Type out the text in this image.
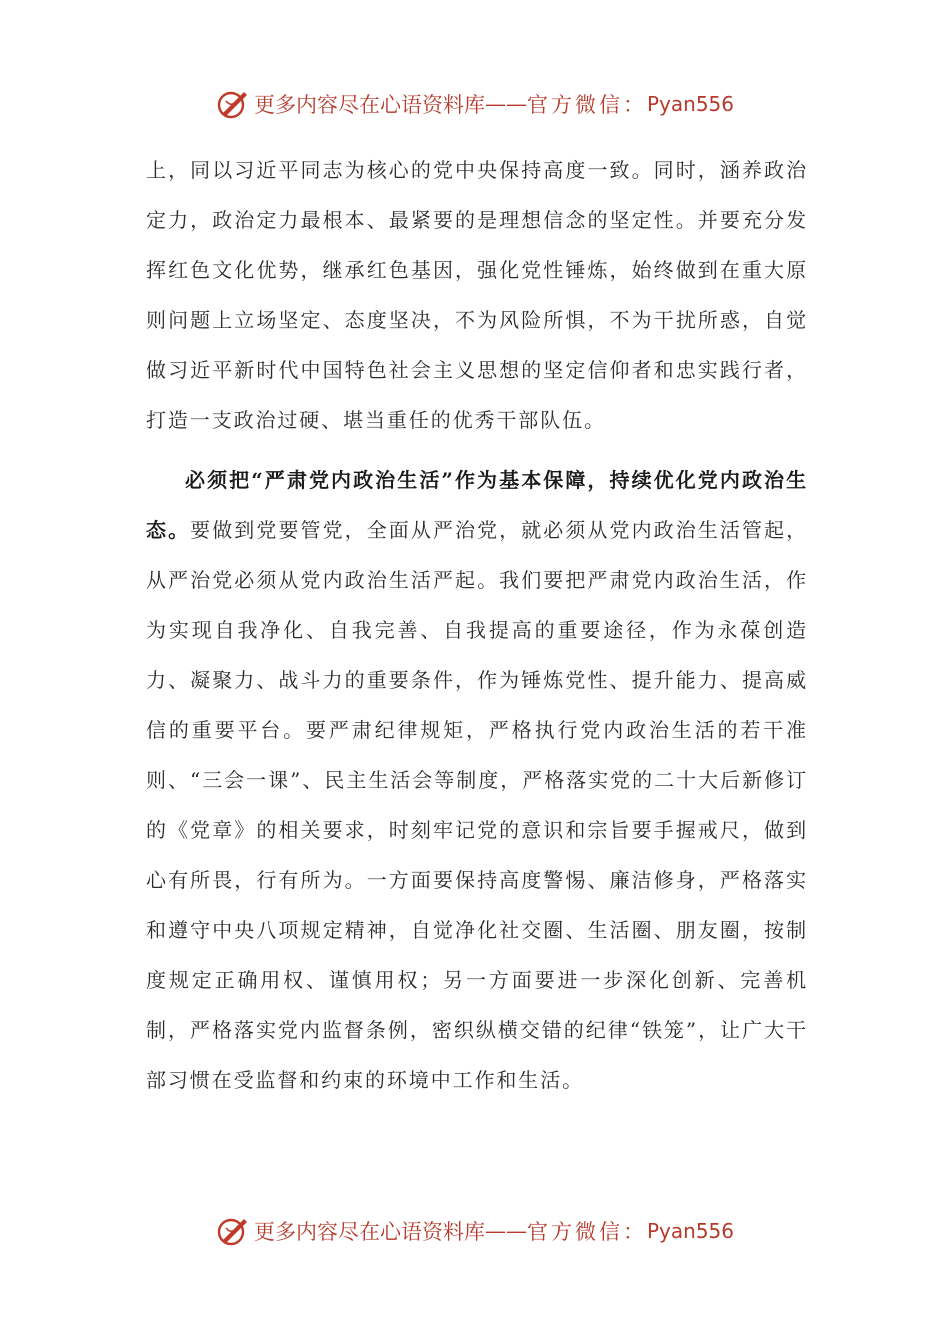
更多内容尽在心语资料库 —— 官方微信： Pyan556

上，同以习近平同志为核心的党中央保持高度一致。同时，涵养政治定力，政治定力最根本、最紧要的是理想信念的坚定性。并要充分发挥红色文化优势，继承红色基因，强化党性锤炼，始终做到在重大原则问题上立场坚定、态度坚决，不为风险所惧，不为干扰所惑，自觉做习近平新时代中国特色社会主义思想的坚定信仰者和忠实践行者，打造一支政治过硬、堪当重任的优秀干部队伍。

必须把“严肃党内政治生活”作为基本保障，持续优化党内政治生态。要做到党要管党，全面从严治党，就必须从党内政治生活管起，从严治党必须从党内政治生活严起。我们要把严肃党内政治生活，作为实现自我净化、自我完善、自我提高的重要途径，作为永葆创造力、凝聚力、战斗力的重要条件，作为锤炼党性、提升能力、提高威信的重要平台。要严肃纪律规矩，严格执行党内政治生活的若干准则、“三会一课”、民主生活会等制度，严格落实党的二十大后新修订的《党章》的相关要求，时刻牢记党的意识和宗旨要手握戒尺，做到心有所畏，行有所为。一方面要保持高度警惕、廉洁修身，严格落实和遵守中央八项规定精神，自觉净化社交圈、生活圈、朋友圈，按制度规定正确用权、谨慎用权；另一方面要进一步深化创新、完善机制，严格落实党内监督条例，密织纵横交错的纪律“铁笼”，让广大干部习惯在受监督和约束的环境中工作和生活。

更多内容尽在心语资料库 —— 官方微信： Pyan556
